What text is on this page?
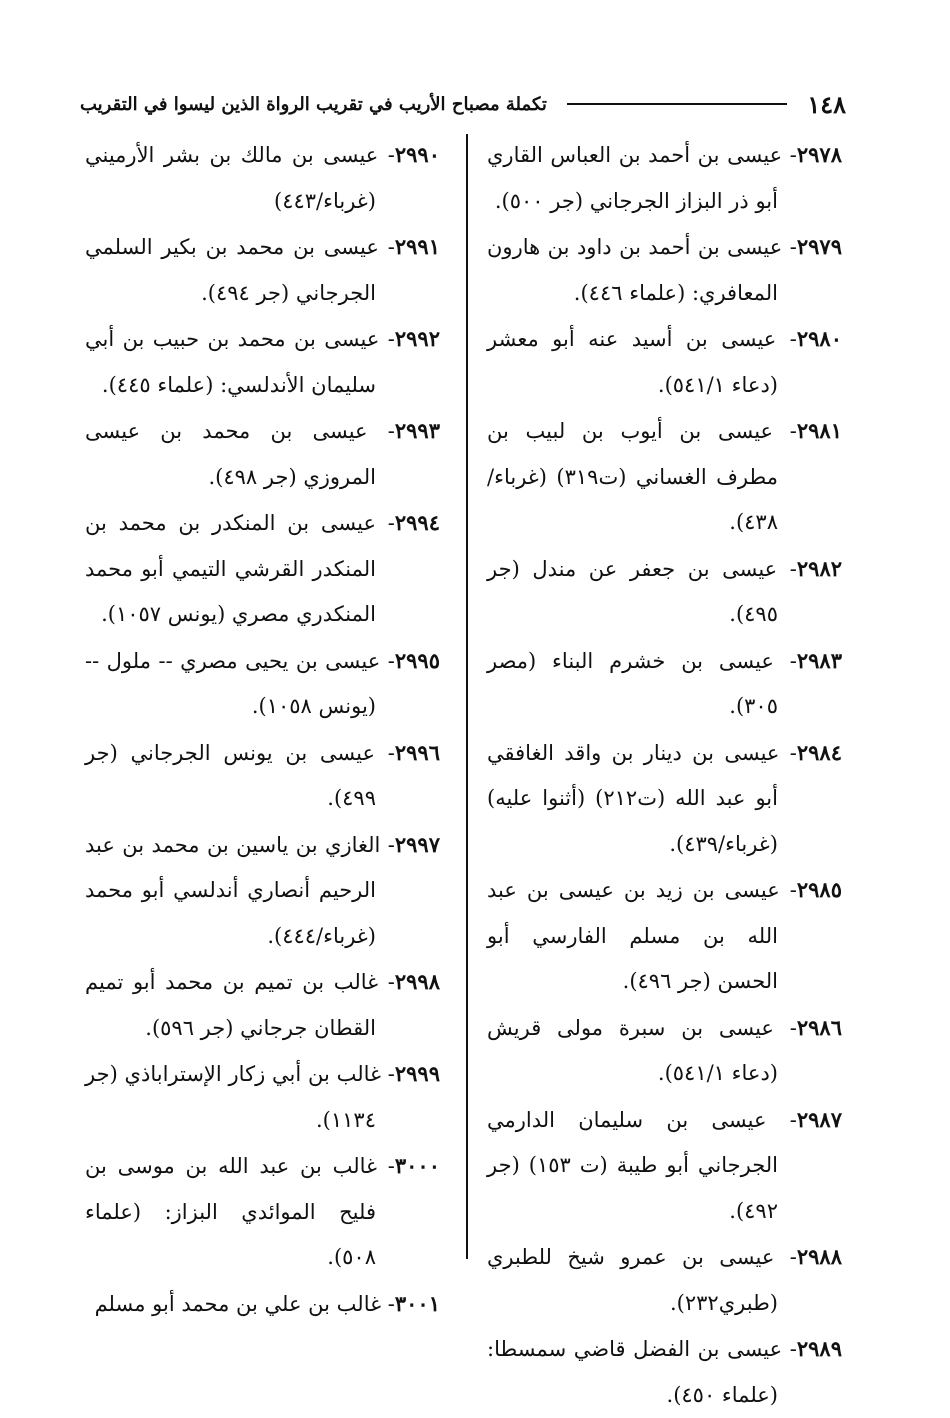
١٤٨
تكملة مصباح الأريب في تقريب الرواة الذين ليسوا في التقريب

٢٩٧٨- عيسى بن أحمد بن العباس القاري أبو ذر البزاز الجرجاني (جر ٥٠٠).

٢٩٧٩- عيسى بن أحمد بن داود بن هارون المعافري: (علماء ٤٤٦).

٢٩٨٠- عيسى بن أسيد عنه أبو معشر (دعاء ٥٤١/١).

٢٩٨١- عيسى بن أيوب بن لبيب بن مطرف الغساني (ت٣١٩) (غرباء/٤٣٨).

٢٩٨٢- عيسى بن جعفر عن مندل (جر ٤٩٥).

٢٩٨٣- عيسى بن خشرم البناء (مصر ٣٠٥).

٢٩٨٤- عيسى بن دينار بن واقد الغافقي أبو عبد الله (ت٢١٢) (أثنوا عليه) (غرباء/٤٣٩).

٢٩٨٥- عيسى بن زيد بن عيسى بن عبد الله بن مسلم الفارسي أبو الحسن (جر ٤٩٦).

٢٩٨٦- عيسى بن سبرة مولى قريش (دعاء ٥٤١/١).

٢٩٨٧- عيسى بن سليمان الدارمي الجرجاني أبو طيبة (ت ١٥٣) (جر ٤٩٢).

٢٩٨٨- عيسى بن عمرو شيخ للطبري (طبري٢٣٢).

٢٩٨٩- عيسى بن الفضل قاضي سمسطا: (علماء ٤٥٠).

٢٩٩٠- عيسى بن مالك بن بشر الأرميني (غرباء/٤٤٣)

٢٩٩١- عيسى بن محمد بن بكير السلمي الجرجاني (جر ٤٩٤).

٢٩٩٢- عيسى بن محمد بن حبيب بن أبي سليمان الأندلسي: (علماء ٤٤٥).

٢٩٩٣- عيسى بن محمد بن عيسى المروزي (جر ٤٩٨).

٢٩٩٤- عيسى بن المنكدر بن محمد بن المنكدر القرشي التيمي أبو محمد المنكدري مصري (يونس ١٠٥٧).

٢٩٩٥- عيسى بن يحيى مصري -- ملول -- (يونس ١٠٥٨).

٢٩٩٦- عيسى بن يونس الجرجاني (جر ٤٩٩).

٢٩٩٧- الغازي بن ياسين بن محمد بن عبد الرحيم أنصاري أندلسي أبو محمد (غرباء/٤٤٤).

٢٩٩٨- غالب بن تميم بن محمد أبو تميم القطان جرجاني (جر ٥٩٦).

٢٩٩٩- غالب بن أبي زكار الإستراباذي (جر ١١٣٤).

٣٠٠٠- غالب بن عبد الله بن موسى بن فليح الموائدي البزاز: (علماء ٥٠٨).

٣٠٠١- غالب بن علي بن محمد أبو مسلم
